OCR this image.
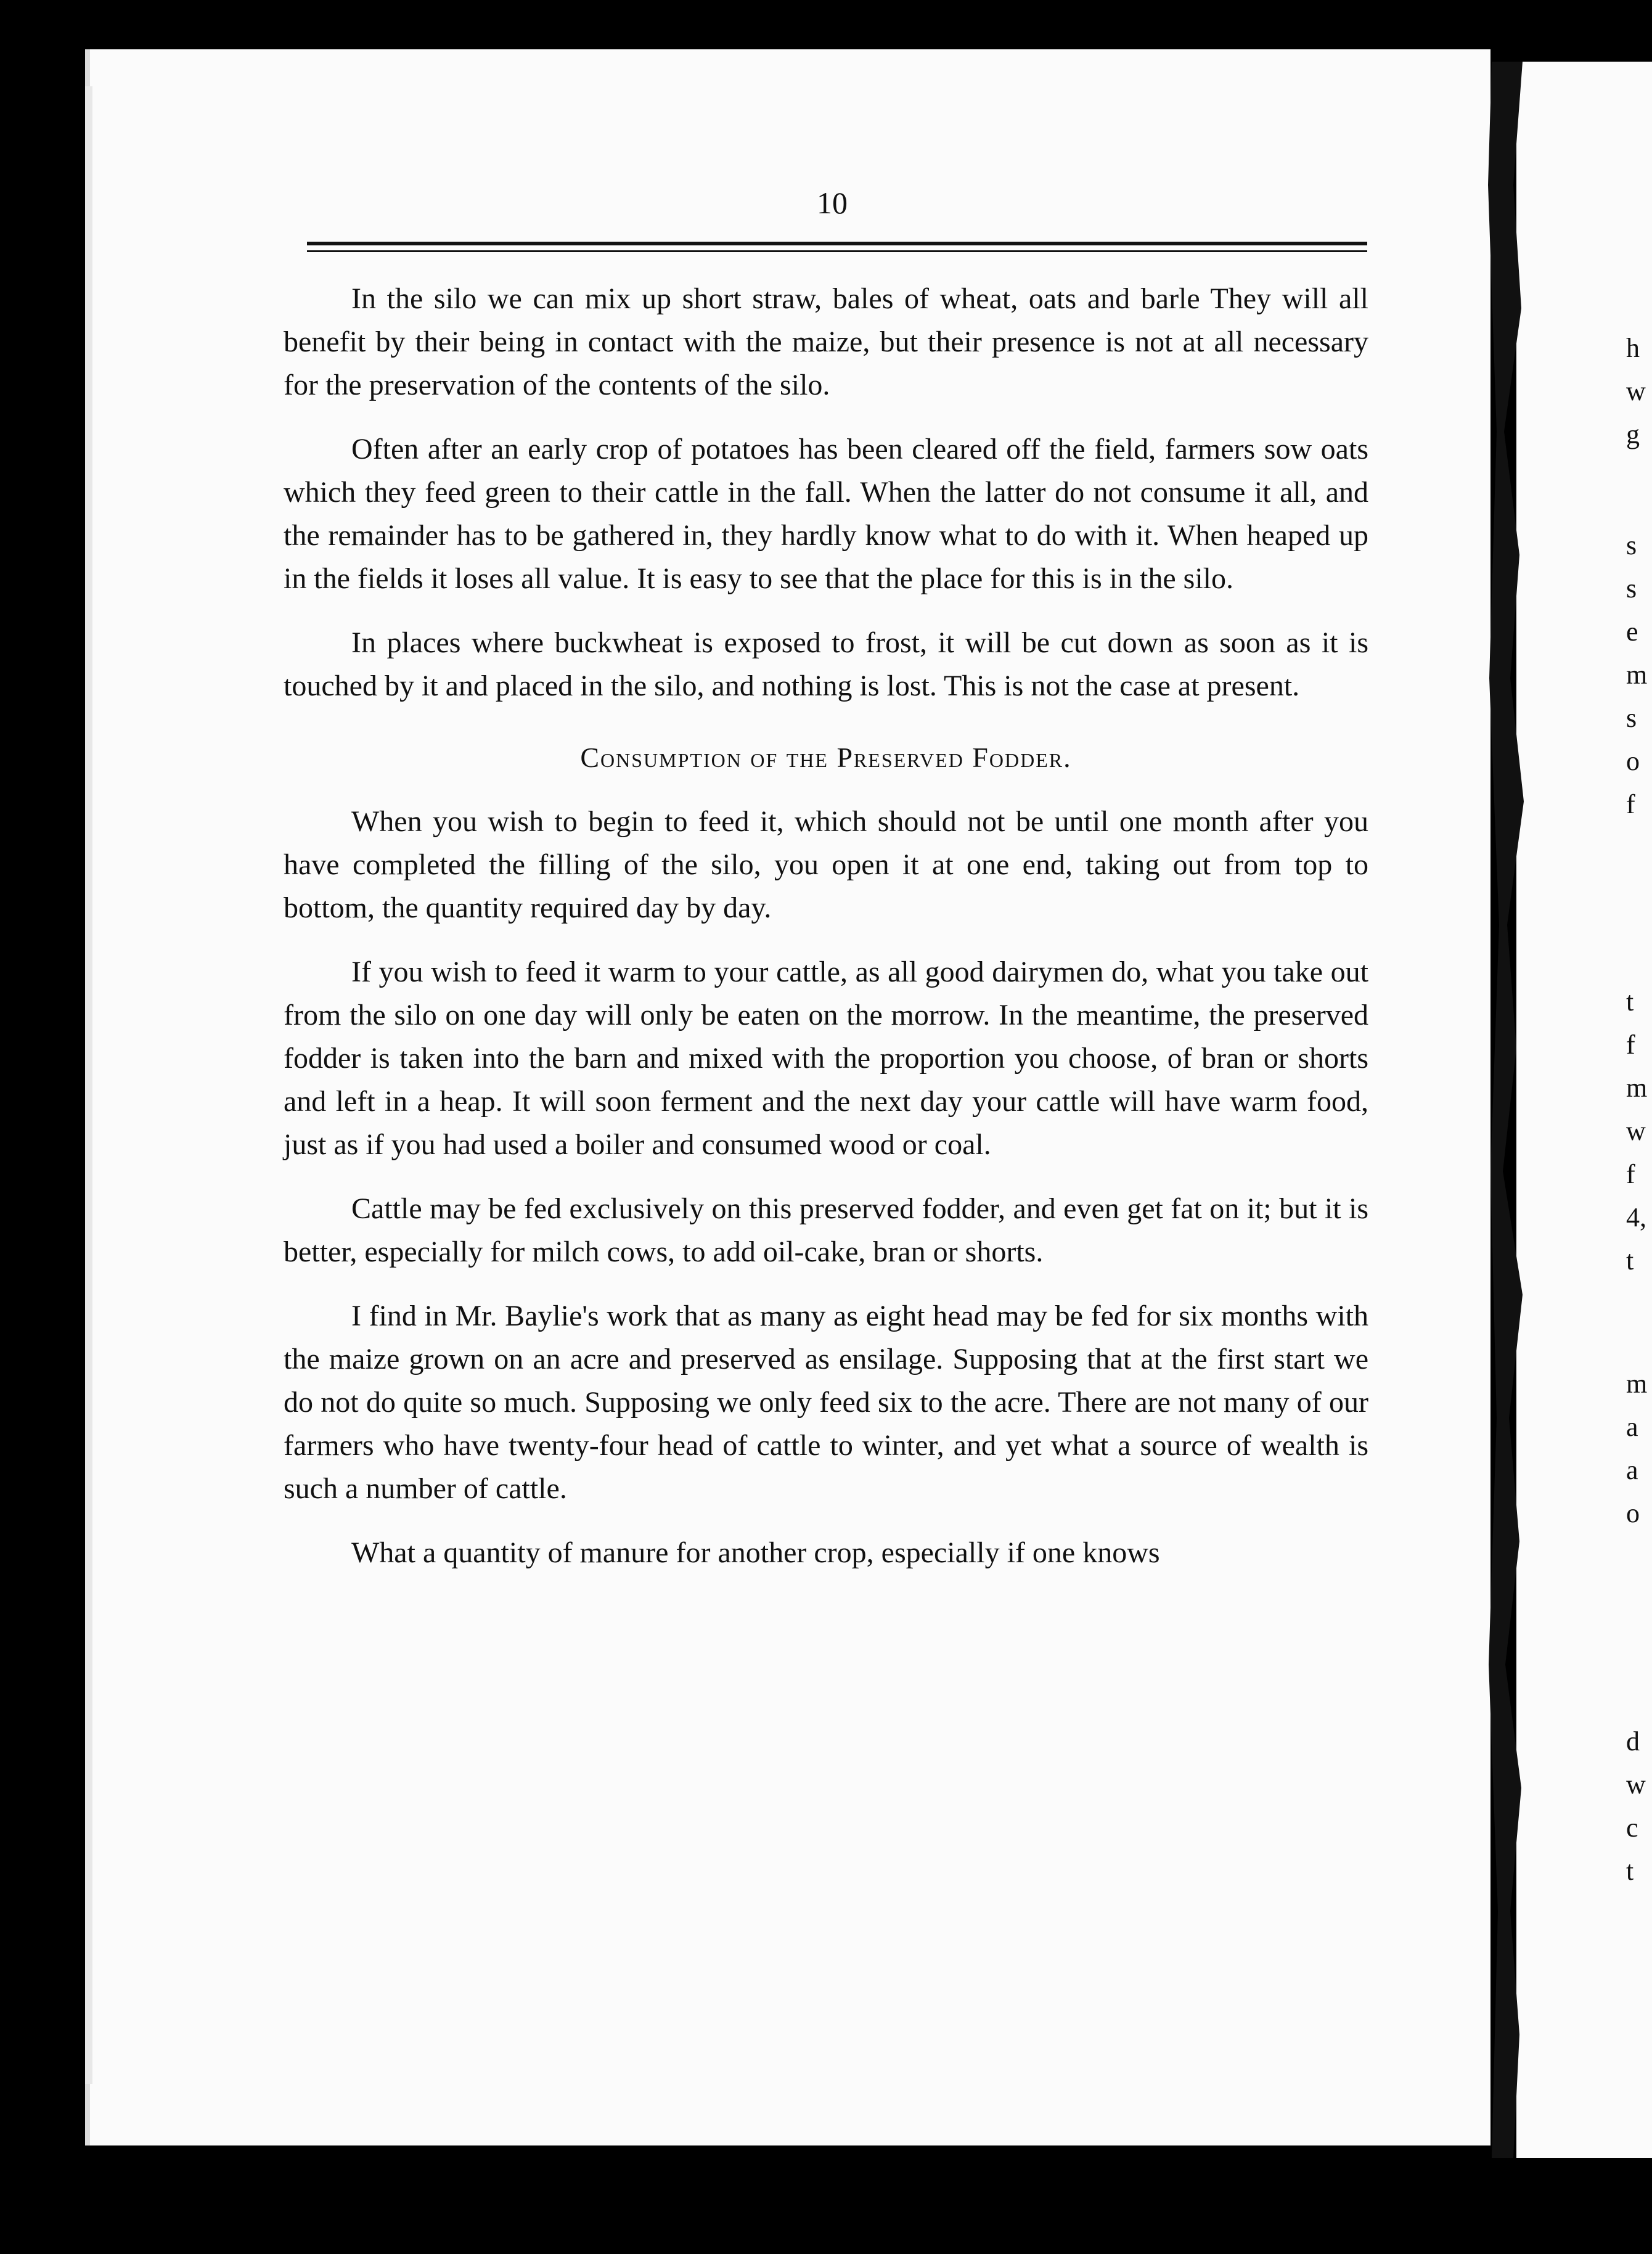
10

In the silo we can mix up short straw, bales of wheat, oats and barle They will all benefit by their being in contact with the maize, but their presence is not at all necessary for the preservation of the contents of the silo.

Often after an early crop of potatoes has been cleared off the field, farmers sow oats which they feed green to their cattle in the fall. When the latter do not consume it all, and the remainder has to be gathered in, they hardly know what to do with it. When heaped up in the fields it loses all value. It is easy to see that the place for this is in the silo.

In places where buckwheat is exposed to frost, it will be cut down as soon as it is touched by it and placed in the silo, and nothing is lost. This is not the case at present.

Consumption of the Preserved Fodder.

When you wish to begin to feed it, which should not be until one month after you have completed the filling of the silo, you open it at one end, taking out from top to bottom, the quantity required day by day.

If you wish to feed it warm to your cattle, as all good dairymen do, what you take out from the silo on one day will only be eaten on the morrow. In the meantime, the preserved fodder is taken into the barn and mixed with the proportion you choose, of bran or shorts and left in a heap. It will soon ferment and the next day your cattle will have warm food, just as if you had used a boiler and consumed wood or coal.

Cattle may be fed exclusively on this preserved fodder, and even get fat on it; but it is better, especially for milch cows, to add oil-cake, bran or shorts.

I find in Mr. Baylie's work that as many as eight head may be fed for six months with the maize grown on an acre and preserved as ensilage. Supposing that at the first start we do not do quite so much. Supposing we only feed six to the acre. There are not many of our farmers who have twenty-four head of cattle to winter, and yet what a source of wealth is such a number of cattle.

What a quantity of manure for another crop, especially if one knows

h
w
g
s
s
e
m
s
o
f
t
f
m
w
f
4,
t
m
a
a
o
d
w
c
t
